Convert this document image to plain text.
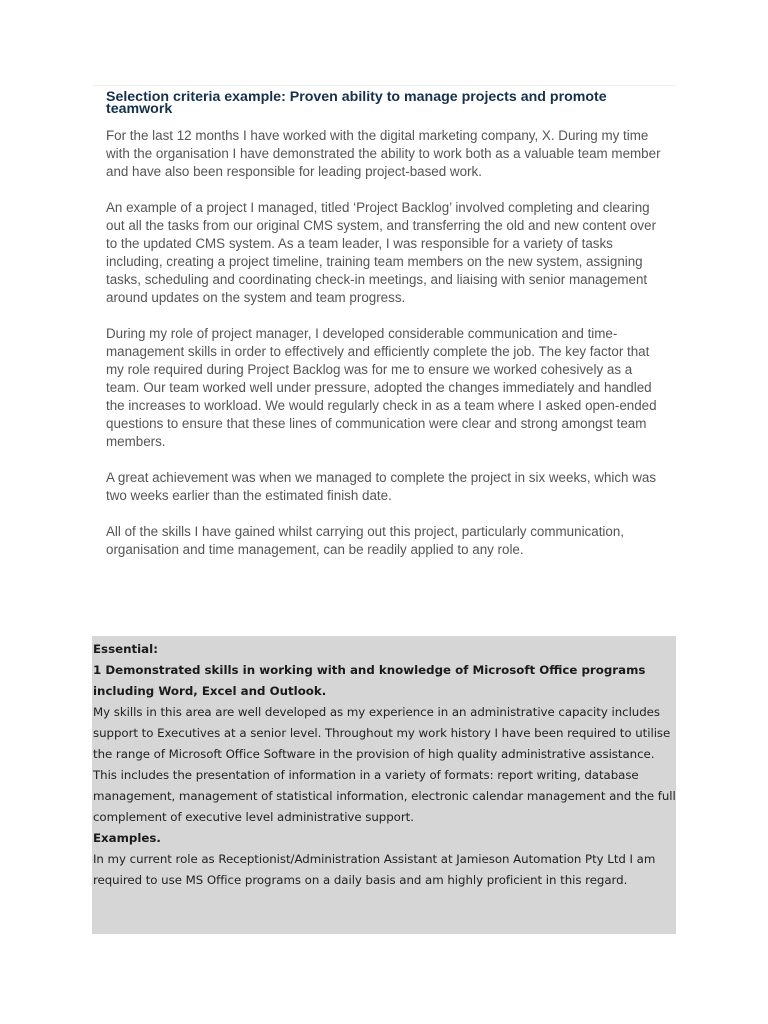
Selection criteria example: Proven ability to manage projects and promote teamwork

For the last 12 months I have worked with the digital marketing company, X. During my time with the organisation I have demonstrated the ability to work both as a valuable team member and have also been responsible for leading project-based work.

An example of a project I managed, titled ‘Project Backlog’ involved completing and clearing out all the tasks from our original CMS system, and transferring the old and new content over to the updated CMS system. As a team leader, I was responsible for a variety of tasks including, creating a project timeline, training team members on the new system, assigning tasks, scheduling and coordinating check-in meetings, and liaising with senior management around updates on the system and team progress.

During my role of project manager, I developed considerable communication and time-management skills in order to effectively and efficiently complete the job. The key factor that my role required during Project Backlog was for me to ensure we worked cohesively as a team. Our team worked well under pressure, adopted the changes immediately and handled the increases to workload. We would regularly check in as a team where I asked open-ended questions to ensure that these lines of communication were clear and strong amongst team members.

A great achievement was when we managed to complete the project in six weeks, which was two weeks earlier than the estimated finish date.

All of the skills I have gained whilst carrying out this project, particularly communication, organisation and time management, can be readily applied to any role.

Essential:
1 Demonstrated skills in working with and knowledge of Microsoft Office programs including Word, Excel and Outlook.
My skills in this area are well developed as my experience in an administrative capacity includes support to Executives at a senior level. Throughout my work history I have been required to utilise the range of Microsoft Office Software in the provision of high quality administrative assistance. This includes the presentation of information in a variety of formats: report writing, database management, management of statistical information, electronic calendar management and the full complement of executive level administrative support.
Examples.
In my current role as Receptionist/Administration Assistant at Jamieson Automation Pty Ltd I am required to use MS Office programs on a daily basis and am highly proficient in this regard.
